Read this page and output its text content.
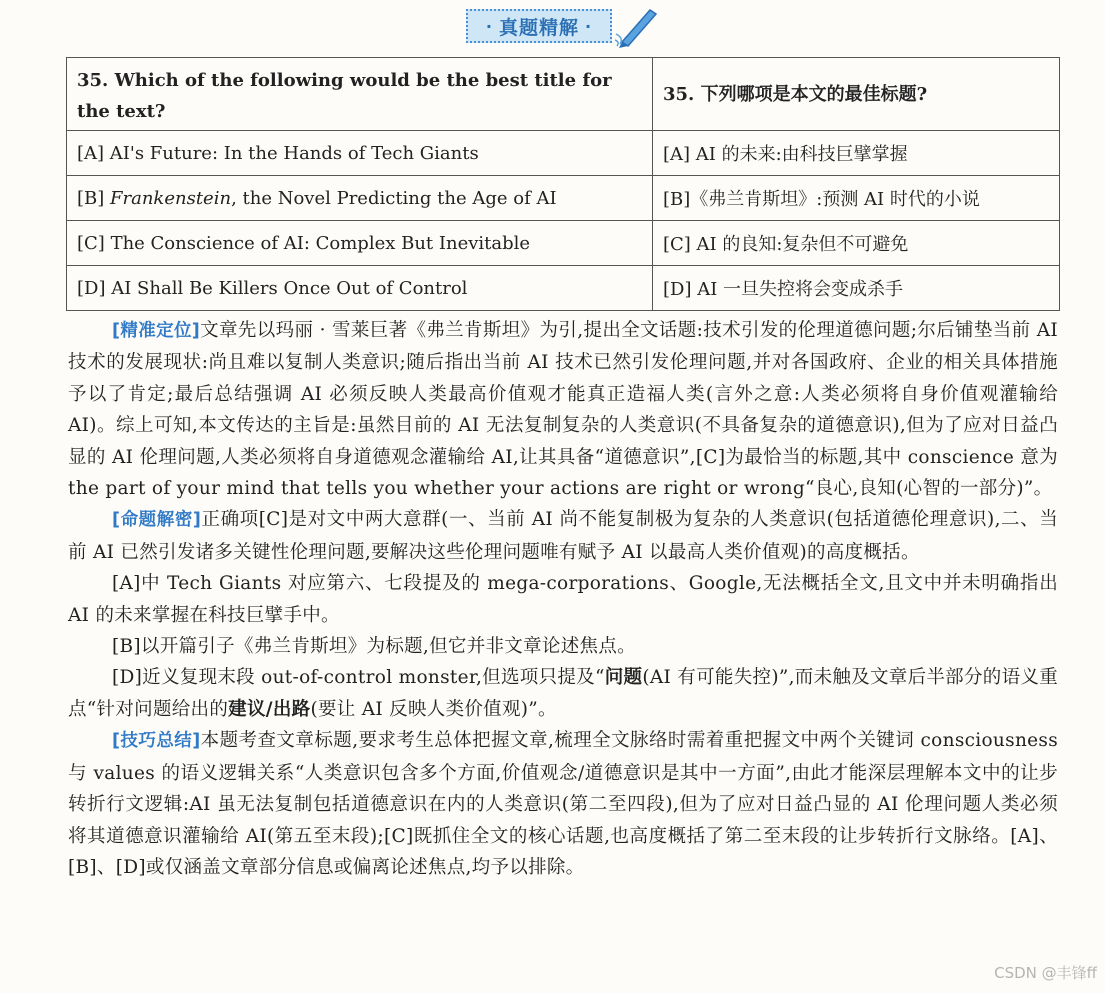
· 真题精解 ·
35. Which of the following would be the best title for the text?	35. 下列哪项是本文的最佳标题?
[A] AI's Future: In the Hands of Tech Giants	[A] AI 的未来:由科技巨擘掌握
[B] Frankenstein, the Novel Predicting the Age of AI	[B]《弗兰肯斯坦》:预测 AI 时代的小说
[C] The Conscience of AI: Complex But Inevitable	[C] AI 的良知:复杂但不可避免
[D] AI Shall Be Killers Once Out of Control	[D] AI 一旦失控将会变成杀手

[精准定位]文章先以玛丽 · 雪莱巨著《弗兰肯斯坦》为引,提出全文话题:技术引发的伦理道德问题;尔后铺垫当前 AI 技术的发展现状:尚且难以复制人类意识;随后指出当前 AI 技术已然引发伦理问题,并对各国政府、企业的相关具体措施予以了肯定;最后总结强调 AI 必须反映人类最高价值观才能真正造福人类(言外之意:人类必须将自身价值观灌输给 AI)。综上可知,本文传达的主旨是:虽然目前的 AI 无法复制复杂的人类意识(不具备复杂的道德意识),但为了应对日益凸显的 AI 伦理问题,人类必须将自身道德观念灌输给 AI,让其具备“道德意识”,[C]为最恰当的标题,其中 conscience 意为 the part of your mind that tells you whether your actions are right or wrong“良心,良知(心智的一部分)”。

[命题解密]正确项[C]是对文中两大意群(一、当前 AI 尚不能复制极为复杂的人类意识(包括道德伦理意识),二、当前 AI 已然引发诸多关键性伦理问题,要解决这些伦理问题唯有赋予 AI 以最高人类价值观)的高度概括。

[A]中 Tech Giants 对应第六、七段提及的 mega-corporations、Google,无法概括全文,且文中并未明确指出 AI 的未来掌握在科技巨擘手中。

[B]以开篇引子《弗兰肯斯坦》为标题,但它并非文章论述焦点。

[D]近义复现末段 out-of-control monster,但选项只提及“问题(AI 有可能失控)”,而未触及文章后半部分的语义重点“针对问题给出的建议/出路(要让 AI 反映人类价值观)”。

[技巧总结]本题考查文章标题,要求考生总体把握文章,梳理全文脉络时需着重把握文中两个关键词 consciousness 与 values 的语义逻辑关系“人类意识包含多个方面,价值观念/道德意识是其中一方面”,由此才能深层理解本文中的让步转折行文逻辑:AI 虽无法复制包括道德意识在内的人类意识(第二至四段),但为了应对日益凸显的 AI 伦理问题人类必须将其道德意识灌输给 AI(第五至末段);[C]既抓住全文的核心话题,也高度概括了第二至末段的让步转折行文脉络。[A]、[B]、[D]或仅涵盖文章部分信息或偏离论述焦点,均予以排除。

CSDN @丰锋ff
